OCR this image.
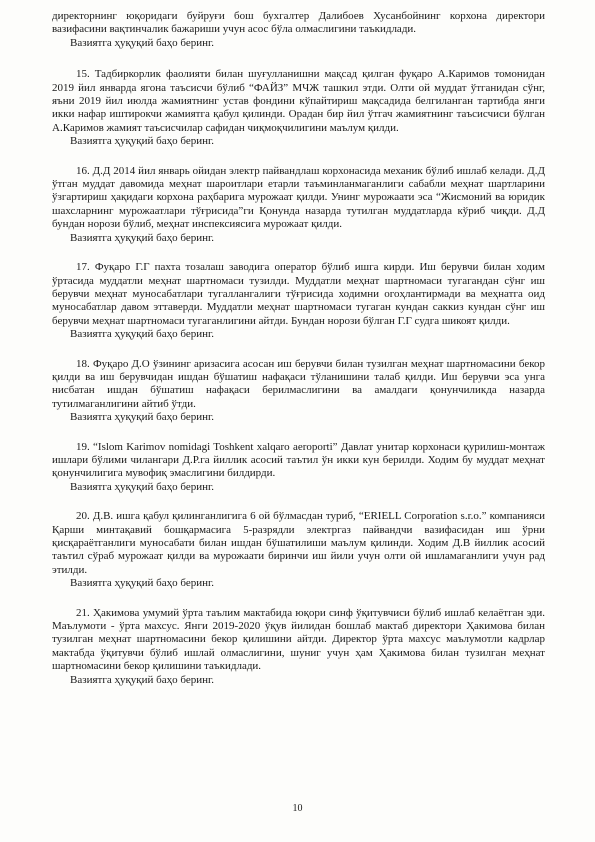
директорнинг юқоридаги буйруғи бош бухгалтер Далибоев Хусанбойнинг корхона директори вазифасини вақтинчалик бажариши учун асос бўла олмаслигини таъкидлади.

Вазиятга ҳуқуқий баҳо беринг.

15. Тадбиркорлик фаолияти билан шуғулланишни мақсад қилган фуқаро А.Каримов томонидан 2019 йил январда ягона таъсисчи бўлиб “ФАЙЗ” МЧЖ ташкил этди. Олти ой муддат ўтганидан сўнг, яъни 2019 йил июлда жамиятнинг устав фондини кўпайтириш мақсадида белгиланган тартибда янги икки нафар иштирокчи жамиятга қабул қилинди. Орадан бир йил ўтгач жамиятнинг таъсисчиси бўлган А.Каримов жамият таъсисчилар сафидан чиқмоқчилигини маълум қилди.

Вазиятга ҳуқуқий баҳо беринг.

16. Д.Д 2014 йил январь ойидан электр пайвандлаш корхонасида механик бўлиб ишлаб келади. Д.Д ўтган муддат давомида меҳнат шароитлари етарли таъминланмаганлиги сабабли меҳнат шартларини ўзгартириш ҳақидаги корхона раҳбарига мурожаат қилди. Унинг мурожаати эса “Жисмоний ва юридик шахсларнинг мурожаатлари тўғрисида”ги Қонунда назарда тутилган муддатларда кўриб чиқди. Д.Д бундан норози бўлиб, меҳнат инспексиясига мурожаат қилди.

Вазиятга ҳуқуқий баҳо беринг.

17. Фуқаро Г.Г пахта тозалаш заводига оператор бўлиб ишга кирди. Иш берувчи билан ходим ўртасида муддатли меҳнат шартномаси тузилди. Муддатли меҳнат шартномаси тугагандан сўнг иш берувчи меҳнат муносабатлари тугаллангалиги тўғрисида ходимни огоҳлантирмади ва меҳнатга оид муносабатлар давом эттаверди. Муддатли меҳнат шартномаси тугаган кундан саккиз кундан сўнг иш берувчи меҳнат шартномаси тугаганлигини айтди. Бундан норози бўлган Г.Г судга шикоят қилди.

Вазиятга ҳуқуқий баҳо беринг.

18. Фуқаро Д.О ўзининг аризасига асосан иш берувчи билан тузилган меҳнат шартномасини бекор қилди ва иш берувчидан ишдан бўшатиш нафақаси тўланишини талаб қилди. Иш берувчи эса унга нисбатан ишдан бўшатиш нафақаси берилмаслигини ва амалдаги қонунчиликда назарда тутилмаганлигини айтиб ўтди.

Вазиятга ҳуқуқий баҳо беринг.

19. “Islom Karimov nomidagi Toshkent xalqaro aeroporti” Давлат унитар корхонаси қурилиш-монтаж ишлари бўлими чилангари Д.Р.га йиллик асосий таътил ўн икки кун берилди. Ходим бу муддат меҳнат қонунчилигига мувофиқ эмаслигини билдирди.

Вазиятга ҳуқуқий баҳо беринг.

20. Д.В. ишга қабул қилинганлигига 6 ой бўлмасдан туриб, “ERIELL Corporation s.r.o.” компанияси Қарши минтақавий бошқармасига 5-разрядли электргаз пайвандчи вазифасидан иш ўрни қисқараётганлиги муносабати билан ишдан бўшатилиши маълум қилинди. Ходим Д.В йиллик асосий таътил сўраб мурожаат қилди ва мурожаати биринчи иш йили учун олти ой ишламаганлиги учун рад этилди.

Вазиятга ҳуқуқий баҳо беринг.

21. Ҳакимова умумий ўрта таълим мактабида юқори синф ўқитувчиси бўлиб ишлаб келаётган эди. Маълумоти - ўрта махсус. Янги 2019-2020 ўқув йилидан бошлаб мактаб директори Ҳакимова билан тузилган меҳнат шартномасини бекор қилишини айтди. Директор ўрта махсус маълумотли кадрлар мактабда ўқитувчи бўлиб ишлай олмаслигини, шуниг учун ҳам Ҳакимова билан тузилган меҳнат шартномасини бекор қилишини таъкидлади.

Вазиятга ҳуқуқий баҳо беринг.

10
